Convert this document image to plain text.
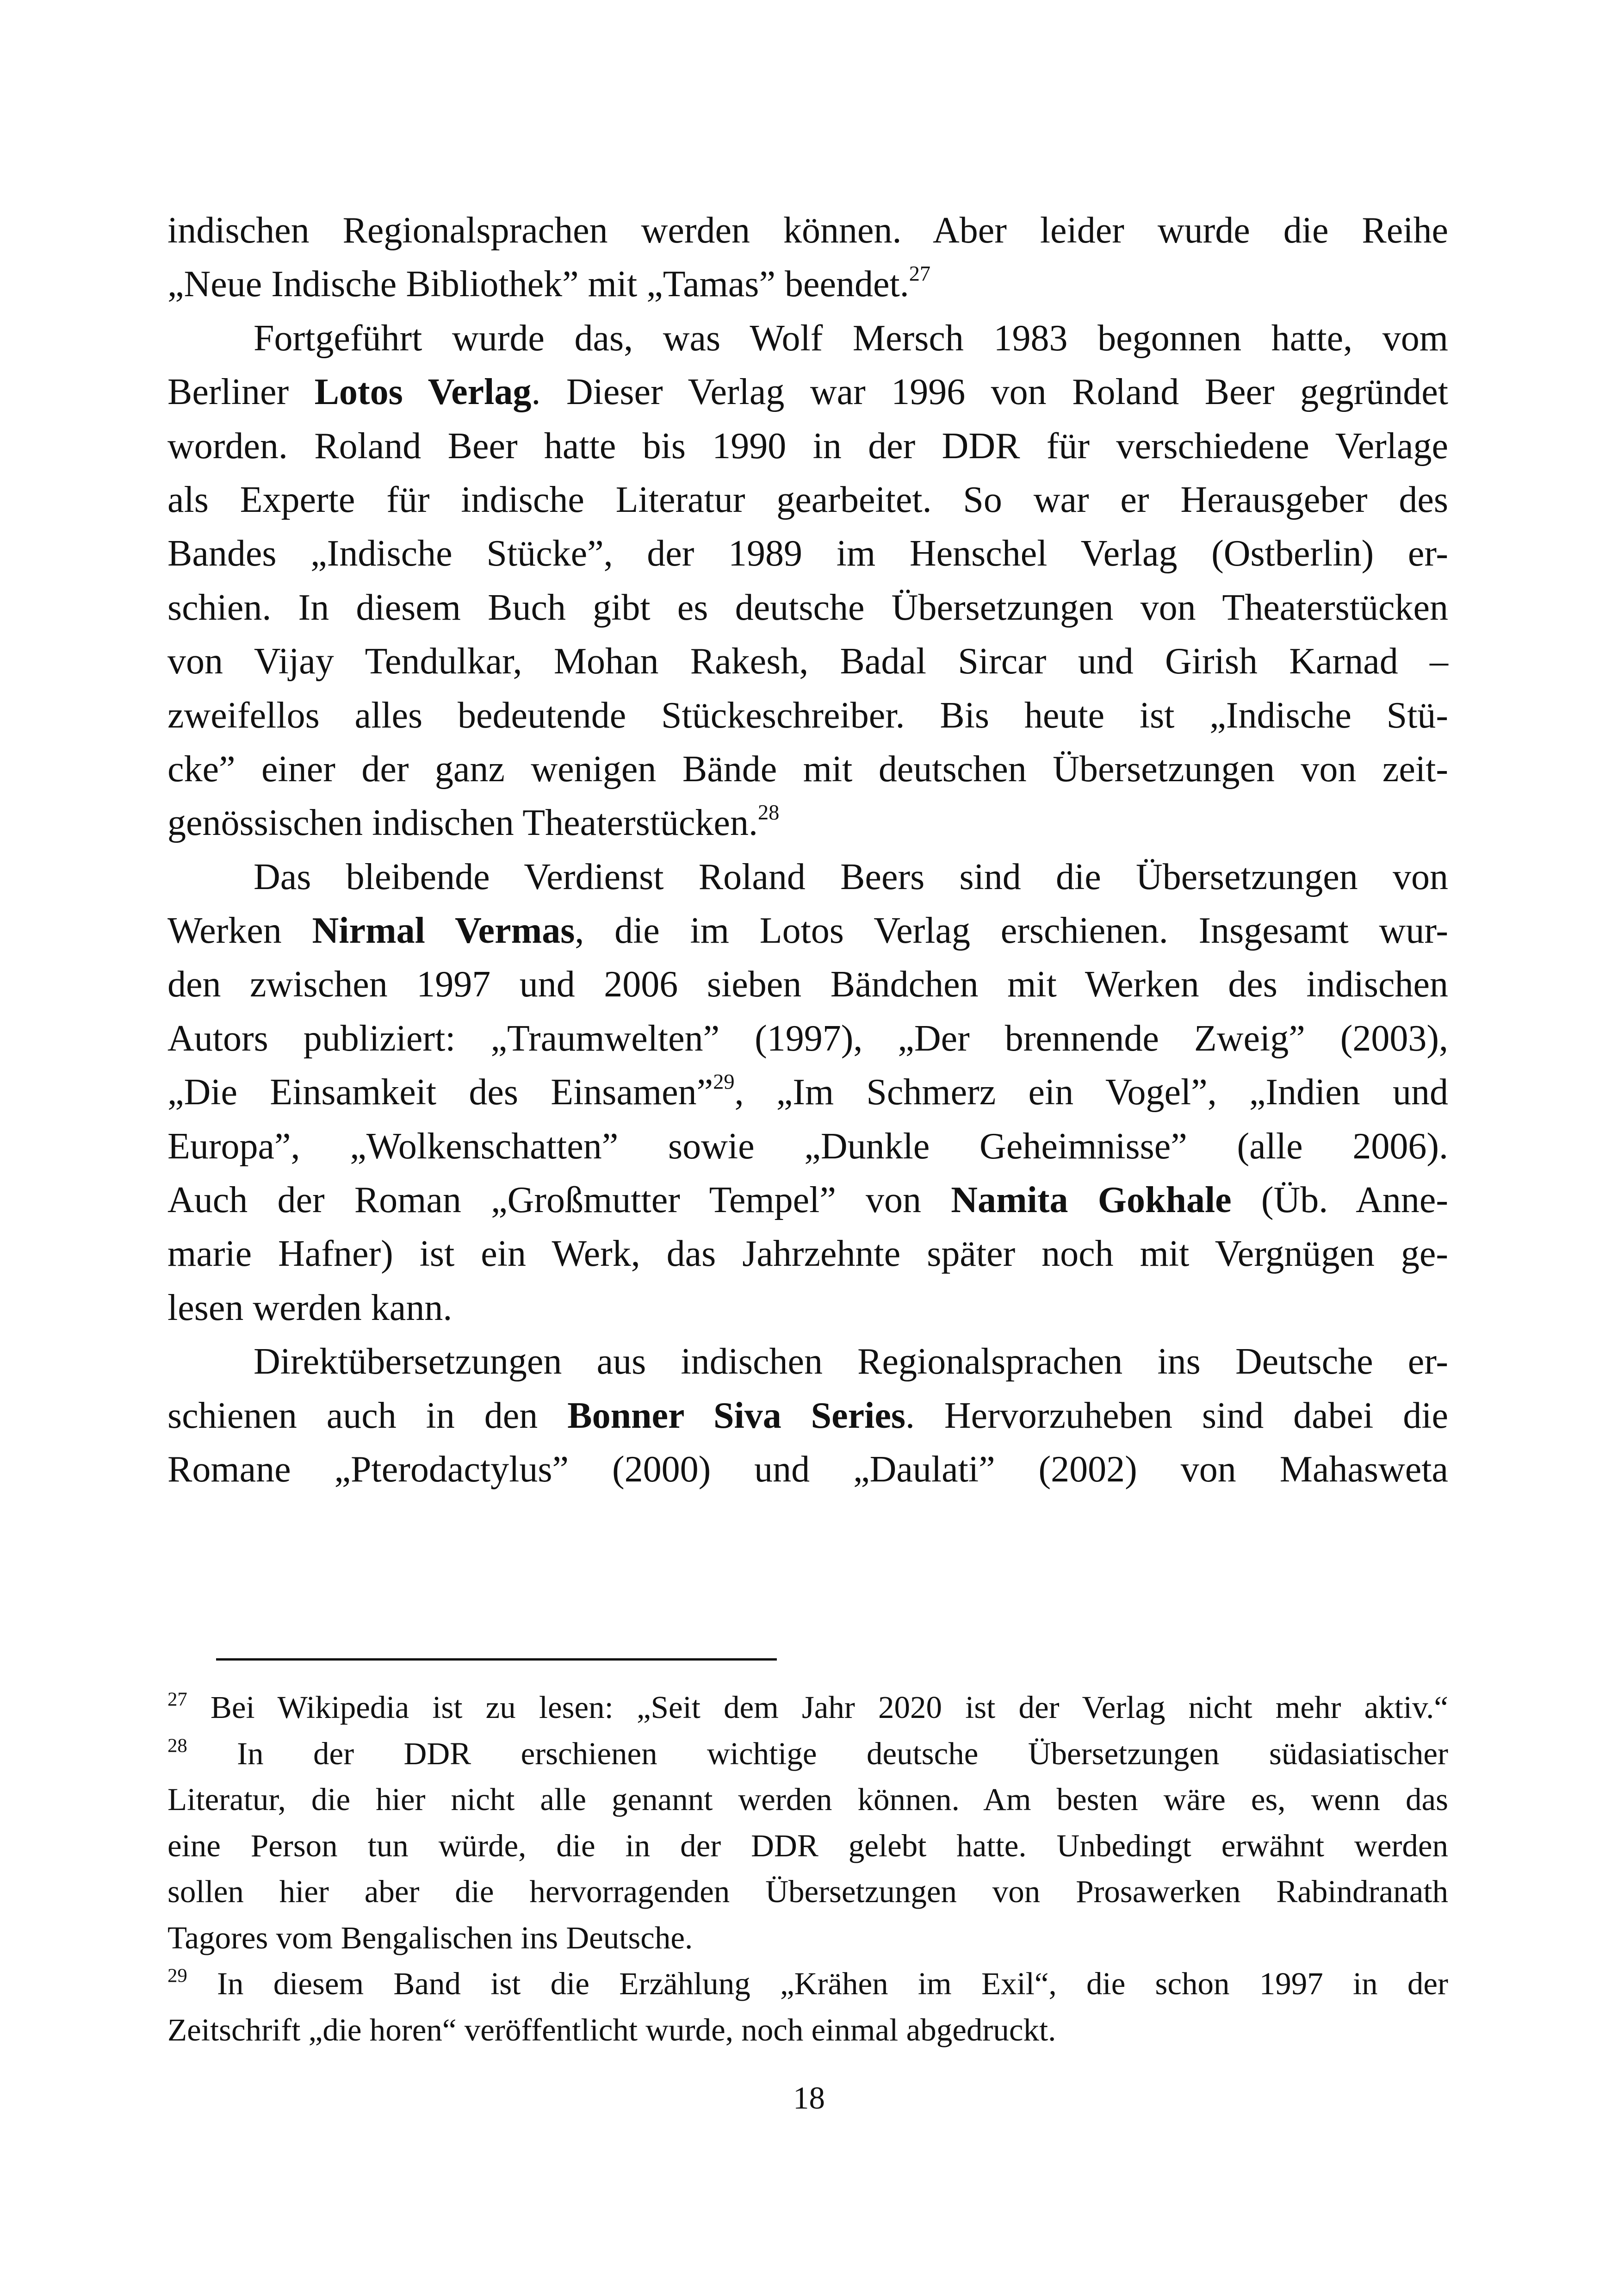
indischen Regionalsprachen werden können. Aber leider wurde die Reihe
„Neue Indische Bibliothek” mit „Tamas” beendet.$^{27}$
Fortgeführt wurde das, was Wolf Mersch 1983 begonnen hatte, vom
Berliner Lotos Verlag. Dieser Verlag war 1996 von Roland Beer gegründet
worden. Roland Beer hatte bis 1990 in der DDR für verschiedene Verlage
als Experte für indische Literatur gearbeitet. So war er Herausgeber des
Bandes „Indische Stücke”, der 1989 im Henschel Verlag (Ostberlin) er-
schien. In diesem Buch gibt es deutsche Übersetzungen von Theaterstücken
von Vijay Tendulkar, Mohan Rakesh, Badal Sircar und Girish Karnad –
zweifellos alles bedeutende Stückeschreiber. Bis heute ist „Indische Stü-
cke” einer der ganz wenigen Bände mit deutschen Übersetzungen von zeit-
genössischen indischen Theaterstücken.$^{28}$
Das bleibende Verdienst Roland Beers sind die Übersetzungen von
Werken Nirmal Vermas, die im Lotos Verlag erschienen. Insgesamt wur-
den zwischen 1997 und 2006 sieben Bändchen mit Werken des indischen
Autors publiziert: „Traumwelten” (1997), „Der brennende Zweig” (2003),
„Die Einsamkeit des Einsamen”$^{29}$, „Im Schmerz ein Vogel”, „Indien und
Europa”, „Wolkenschatten” sowie „Dunkle Geheimnisse” (alle 2006).
Auch der Roman „Großmutter Tempel” von Namita Gokhale (Üb. Anne-
marie Hafner) ist ein Werk, das Jahrzehnte später noch mit Vergnügen ge-
lesen werden kann.
Direktübersetzungen aus indischen Regionalsprachen ins Deutsche er-
schienen auch in den Bonner Siva Series. Hervorzuheben sind dabei die
Romane „Pterodactylus” (2000) und „Daulati” (2002) von Mahasweta
$^{27}$ Bei Wikipedia ist zu lesen: „Seit dem Jahr 2020 ist der Verlag nicht mehr aktiv.“
$^{28}$ In der DDR erschienen wichtige deutsche Übersetzungen südasiatischer
Literatur, die hier nicht alle genannt werden können. Am besten wäre es, wenn das
eine Person tun würde, die in der DDR gelebt hatte. Unbedingt erwähnt werden
sollen hier aber die hervorragenden Übersetzungen von Prosawerken Rabindranath
Tagores vom Bengalischen ins Deutsche.
$^{29}$ In diesem Band ist die Erzählung „Krähen im Exil“, die schon 1997 in der
Zeitschrift „die horen“ veröffentlicht wurde, noch einmal abgedruckt.
18
